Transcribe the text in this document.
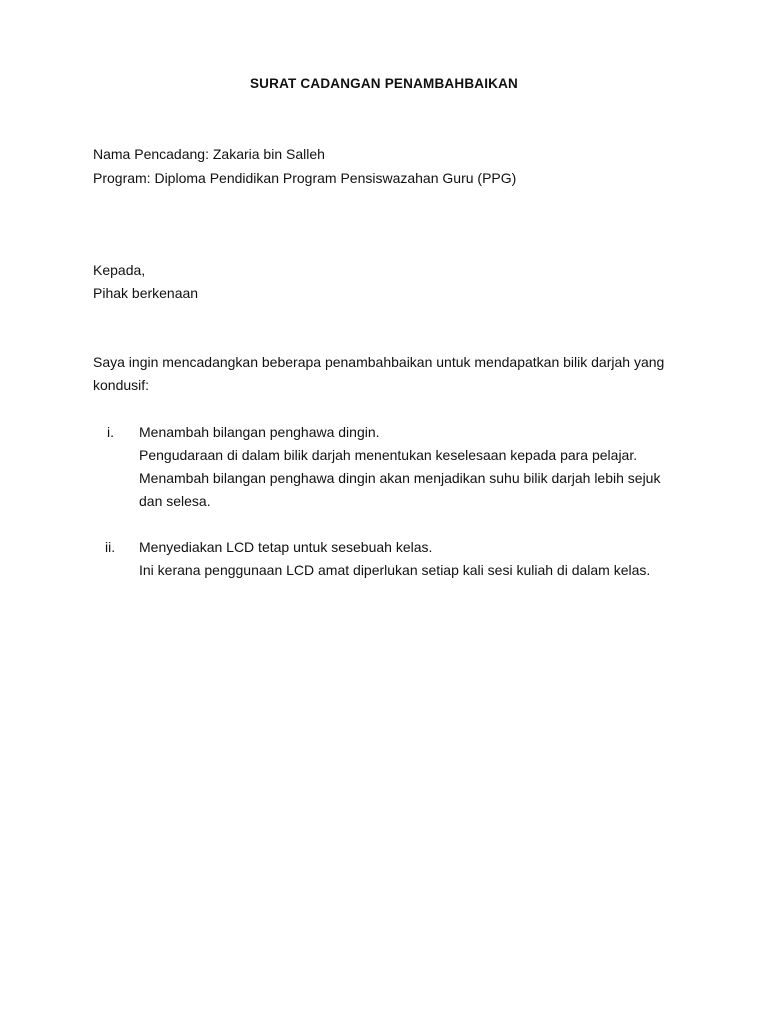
SURAT CADANGAN PENAMBAHBAIKAN
Nama Pencadang: Zakaria bin Salleh
Program: Diploma Pendidikan Program Pensiswazahan Guru (PPG)
Kepada,
Pihak berkenaan
Saya ingin mencadangkan beberapa penambahbaikan untuk mendapatkan bilik darjah yang
kondusif:
i. Menambah bilangan penghawa dingin.
Pengudaraan di dalam bilik darjah menentukan keselesaan kepada para pelajar.
Menambah bilangan penghawa dingin akan menjadikan suhu bilik darjah lebih sejuk
dan selesa.
ii. Menyediakan LCD tetap untuk sesebuah kelas.
Ini kerana penggunaan LCD amat diperlukan setiap kali sesi kuliah di dalam kelas.
